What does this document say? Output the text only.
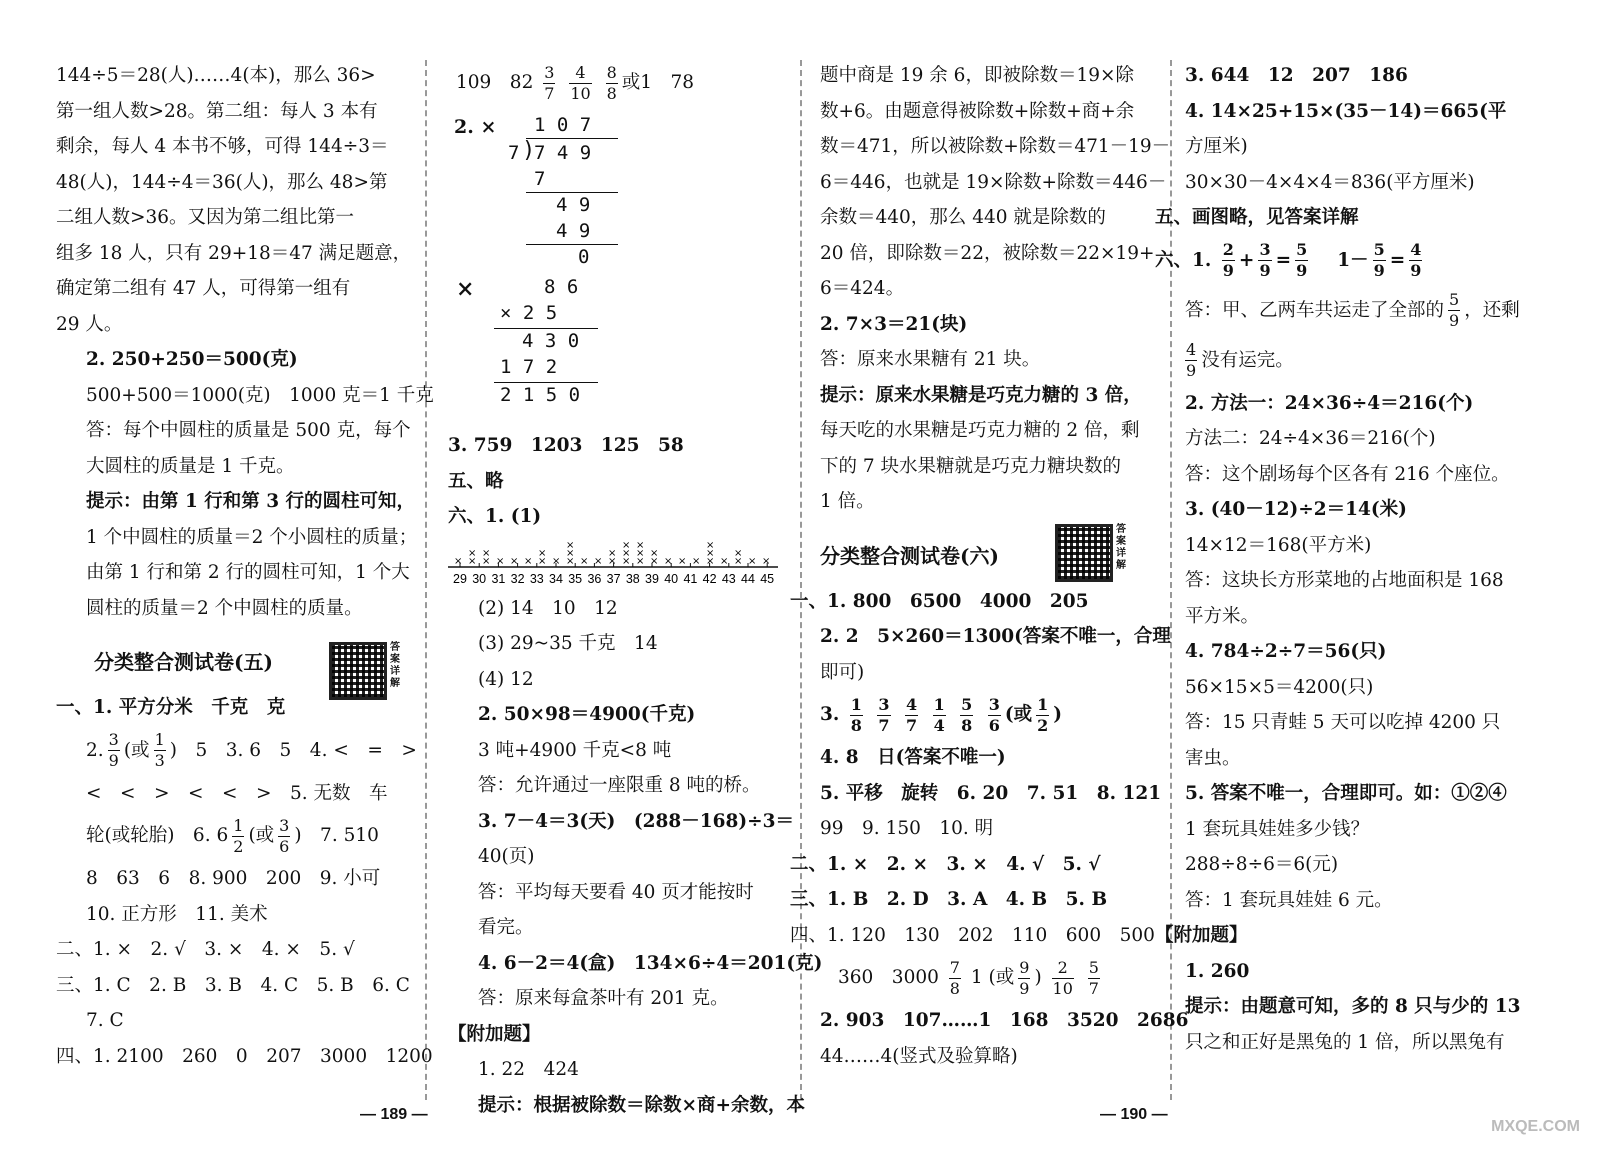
144÷5＝28(人)……4(本)，那么 36>
第一组人数>28。第二组：每人 3 本有
剩余，每人 4 本书不够，可得 144÷3＝
48(人)，144÷4＝36(人)，那么 48>第
二组人数>36。又因为第二组比第一
组多 18 人，只有 29+18＝47 满足题意，
确定第二组有 47 人，可得第一组有
29 人。
2. 250+250＝500(克)
500+500＝1000(克)　1000 克＝1 千克
答：每个中圆柱的质量是 500 克，每个
大圆柱的质量是 1 千克。
提示：由第 1 行和第 3 行的圆柱可知，
1 个中圆柱的质量＝2 个小圆柱的质量；
由第 1 行和第 2 行的圆柱可知，1 个大
圆柱的质量＝2 个中圆柱的质量。
分类整合测试卷(五)
答案详解
一、1. 平方分米　千克　克
2. $\frac{3}{9}$ (或 $\frac{1}{3}$ )　5　3. 6　5　4. <　=　>
<　<　>　<　<　>　5. 无数　车
轮(或轮胎)　6. $6 \frac{1}{2}$ (或 $\frac{3}{6}$ )　7. 510
8　63　6　8. 900　200　9. 小可
10. 正方形　11. 美术
二、1. ×　2. √　3. ×　4. ×　5. √
三、1. C　2. B　3. B　4. C　5. B　6. C
7. C
四、1. 2100　260　0　207　3000　1200
109　$82 \frac{3}{7}$
$\frac{4}{10}$
$\frac{8}{8}$ 或1　78
2. × 1 0 7
7 )
7 4 9
7
4 9
4 9
0
×	8 6
× 2 5
4 3 0
1 7 2
2 1 5 0
3. 759　1203　125　58
五、略
六、1. (1)
29 30 31 32 33 34 35 36 37 38 39 40 41 42 43 44 45
× ×
×
×
×
× × × ×
×
× ×
×
×
× × ×
×
×
×
×
×
×
×
×
×
× × × ×
×
×
× ×
×
× ×
(2) 14　10　12
(3) 29~35 千克　14
(4) 12
2. 50×98＝4900(千克)
3 吨+4900 千克<8 吨
答：允许通过一座限重 8 吨的桥。
3. 7－4＝3(天)　(288－168)÷3＝
40(页)
答：平均每天要看 40 页才能按时
看完。
4. 6－2＝4(盒)　134×6÷4＝201(克)
答：原来每盒茶叶有 201 克。
【附加题】
1. 22　424
提示：根据被除数＝除数×商+余数，本
题中商是 19 余 6，即被除数＝19×除
数+6。由题意得被除数+除数+商+余
数＝471，所以被除数+除数＝471－19－
6＝446，也就是 19×除数+除数＝446－
余数＝440，那么 440 就是除数的
20 倍，即除数＝22，被除数＝22×19+
6＝424。
2. 7×3＝21(块)
答：原来水果糖有 21 块。
提示：原来水果糖是巧克力糖的 3 倍，
每天吃的水果糖是巧克力糖的 2 倍，剩
下的 7 块水果糖就是巧克力糖块数的
1 倍。
分类整合测试卷(六)
答案详解
一、1. 800　6500　4000　205
2. 2　5×260＝1300(答案不唯一，合理
即可)
3. $\frac{1}{8}$
$\frac{3}{7}$
$\frac{4}{7}$
$\frac{1}{4}$
$\frac{5}{8}$
$\frac{3}{6}$ (或 $\frac{1}{2}$ )
4. 8　日(答案不唯一)
5. 平移　旋转　6. 20　7. 51　8. 121
99　9. 150　10. 明
二、1. ×　2. ×　3. ×　4. √　5. √
三、1. B　2. D　3. A　4. B　5. B
四、1. 120　130　202　110　600　500
360　$3000 \frac{7}{8} 1$ (或 $\frac{9}{9}$ ) $\frac{2}{10}$
$\frac{5}{7}$
2. 903　107……1　168　3520　2686
44……4(竖式及验算略)
3. 644　12　207　186
4. 14×25+15×(35－14)＝665(平
方厘米)
30×30－4×4×4＝836(平方厘米)
五、画图略，见答案详解
六、1. $\frac{2}{9} + \frac{3}{9} = \frac{5}{9}$
　 $1- \frac{5}{9} = \frac{4}{9}$
答：甲、乙两车共运走了全部的 $\frac{5}{9}$ ，还剩
$\frac{4}{9}$ 没有运完。
2. 方法一：24×36÷4＝216(个)
方法二：24÷4×36＝216(个)
答：这个剧场每个区各有 216 个座位。
3. (40－12)÷2＝14(米)
14×12＝168(平方米)
答：这块长方形菜地的占地面积是 168
平方米。
4. 784÷2÷7＝56(只)
56×15×5＝4200(只)
答：15 只青蛙 5 天可以吃掉 4200 只
害虫。
5. 答案不唯一，合理即可。如：①②④
1 套玩具娃娃多少钱？
288÷8÷6＝6(元)
答：1 套玩具娃娃 6 元。
【附加题】
1. 260
提示：由题意可知，多的 8 只与少的 13
只之和正好是黑兔的 1 倍，所以黑兔有
— 189 —	— 190 —
MXQE.COM
